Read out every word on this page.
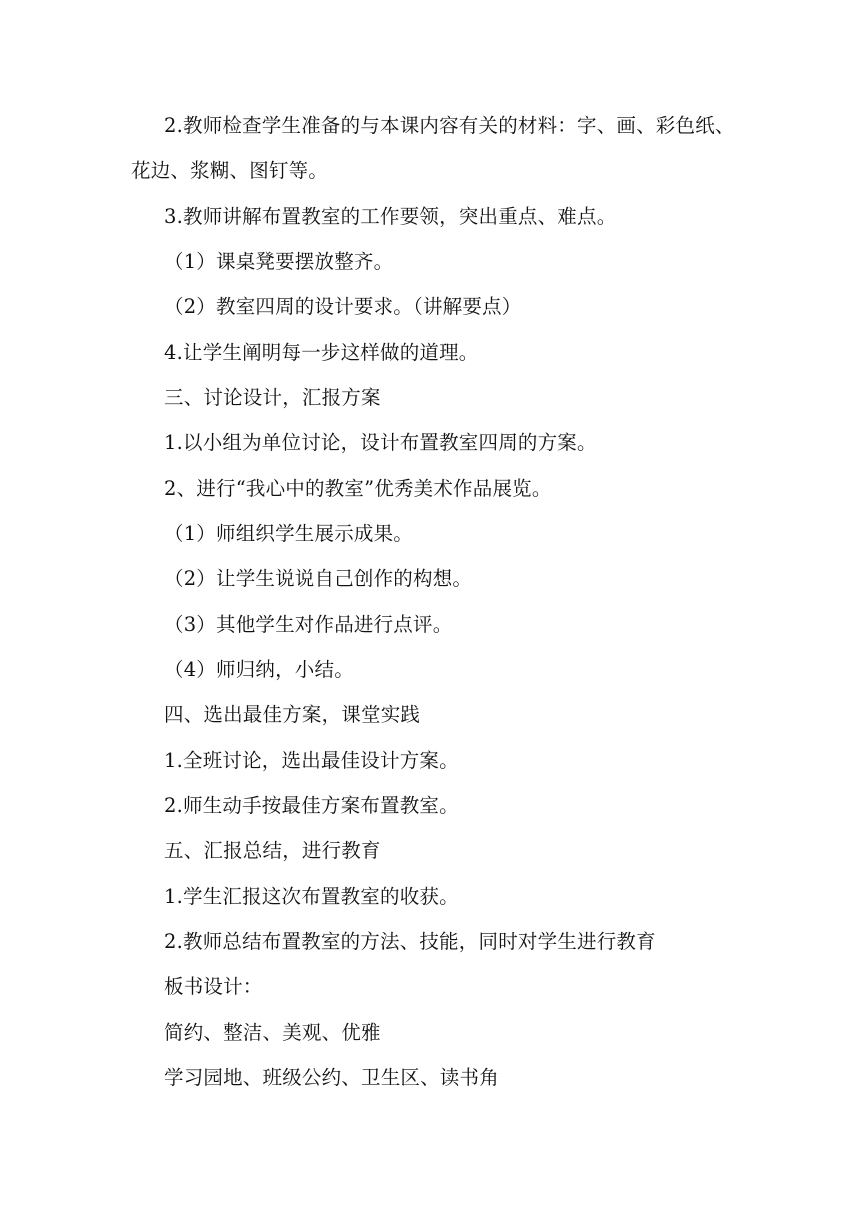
2.教师检查学生准备的与本课内容有关的材料：字、画、彩色纸、
花边、浆糊、图钉等。
3.教师讲解布置教室的工作要领，突出重点、难点。
（1）课桌凳要摆放整齐。
（2）教室四周的设计要求。（讲解要点）
4.让学生阐明每一步这样做的道理。
三、讨论设计，汇报方案
1.以小组为单位讨论，设计布置教室四周的方案。
2、进行“我心中的教室”优秀美术作品展览。
（1）师组织学生展示成果。
（2）让学生说说自己创作的构想。
（3）其他学生对作品进行点评。
（4）师归纳，小结。
四、选出最佳方案，课堂实践
1.全班讨论，选出最佳设计方案。
2.师生动手按最佳方案布置教室。
五、汇报总结，进行教育
1.学生汇报这次布置教室的收获。
2.教师总结布置教室的方法、技能，同时对学生进行教育
板书设计：
简约、整洁、美观、优雅
学习园地、班级公约、卫生区、读书角
